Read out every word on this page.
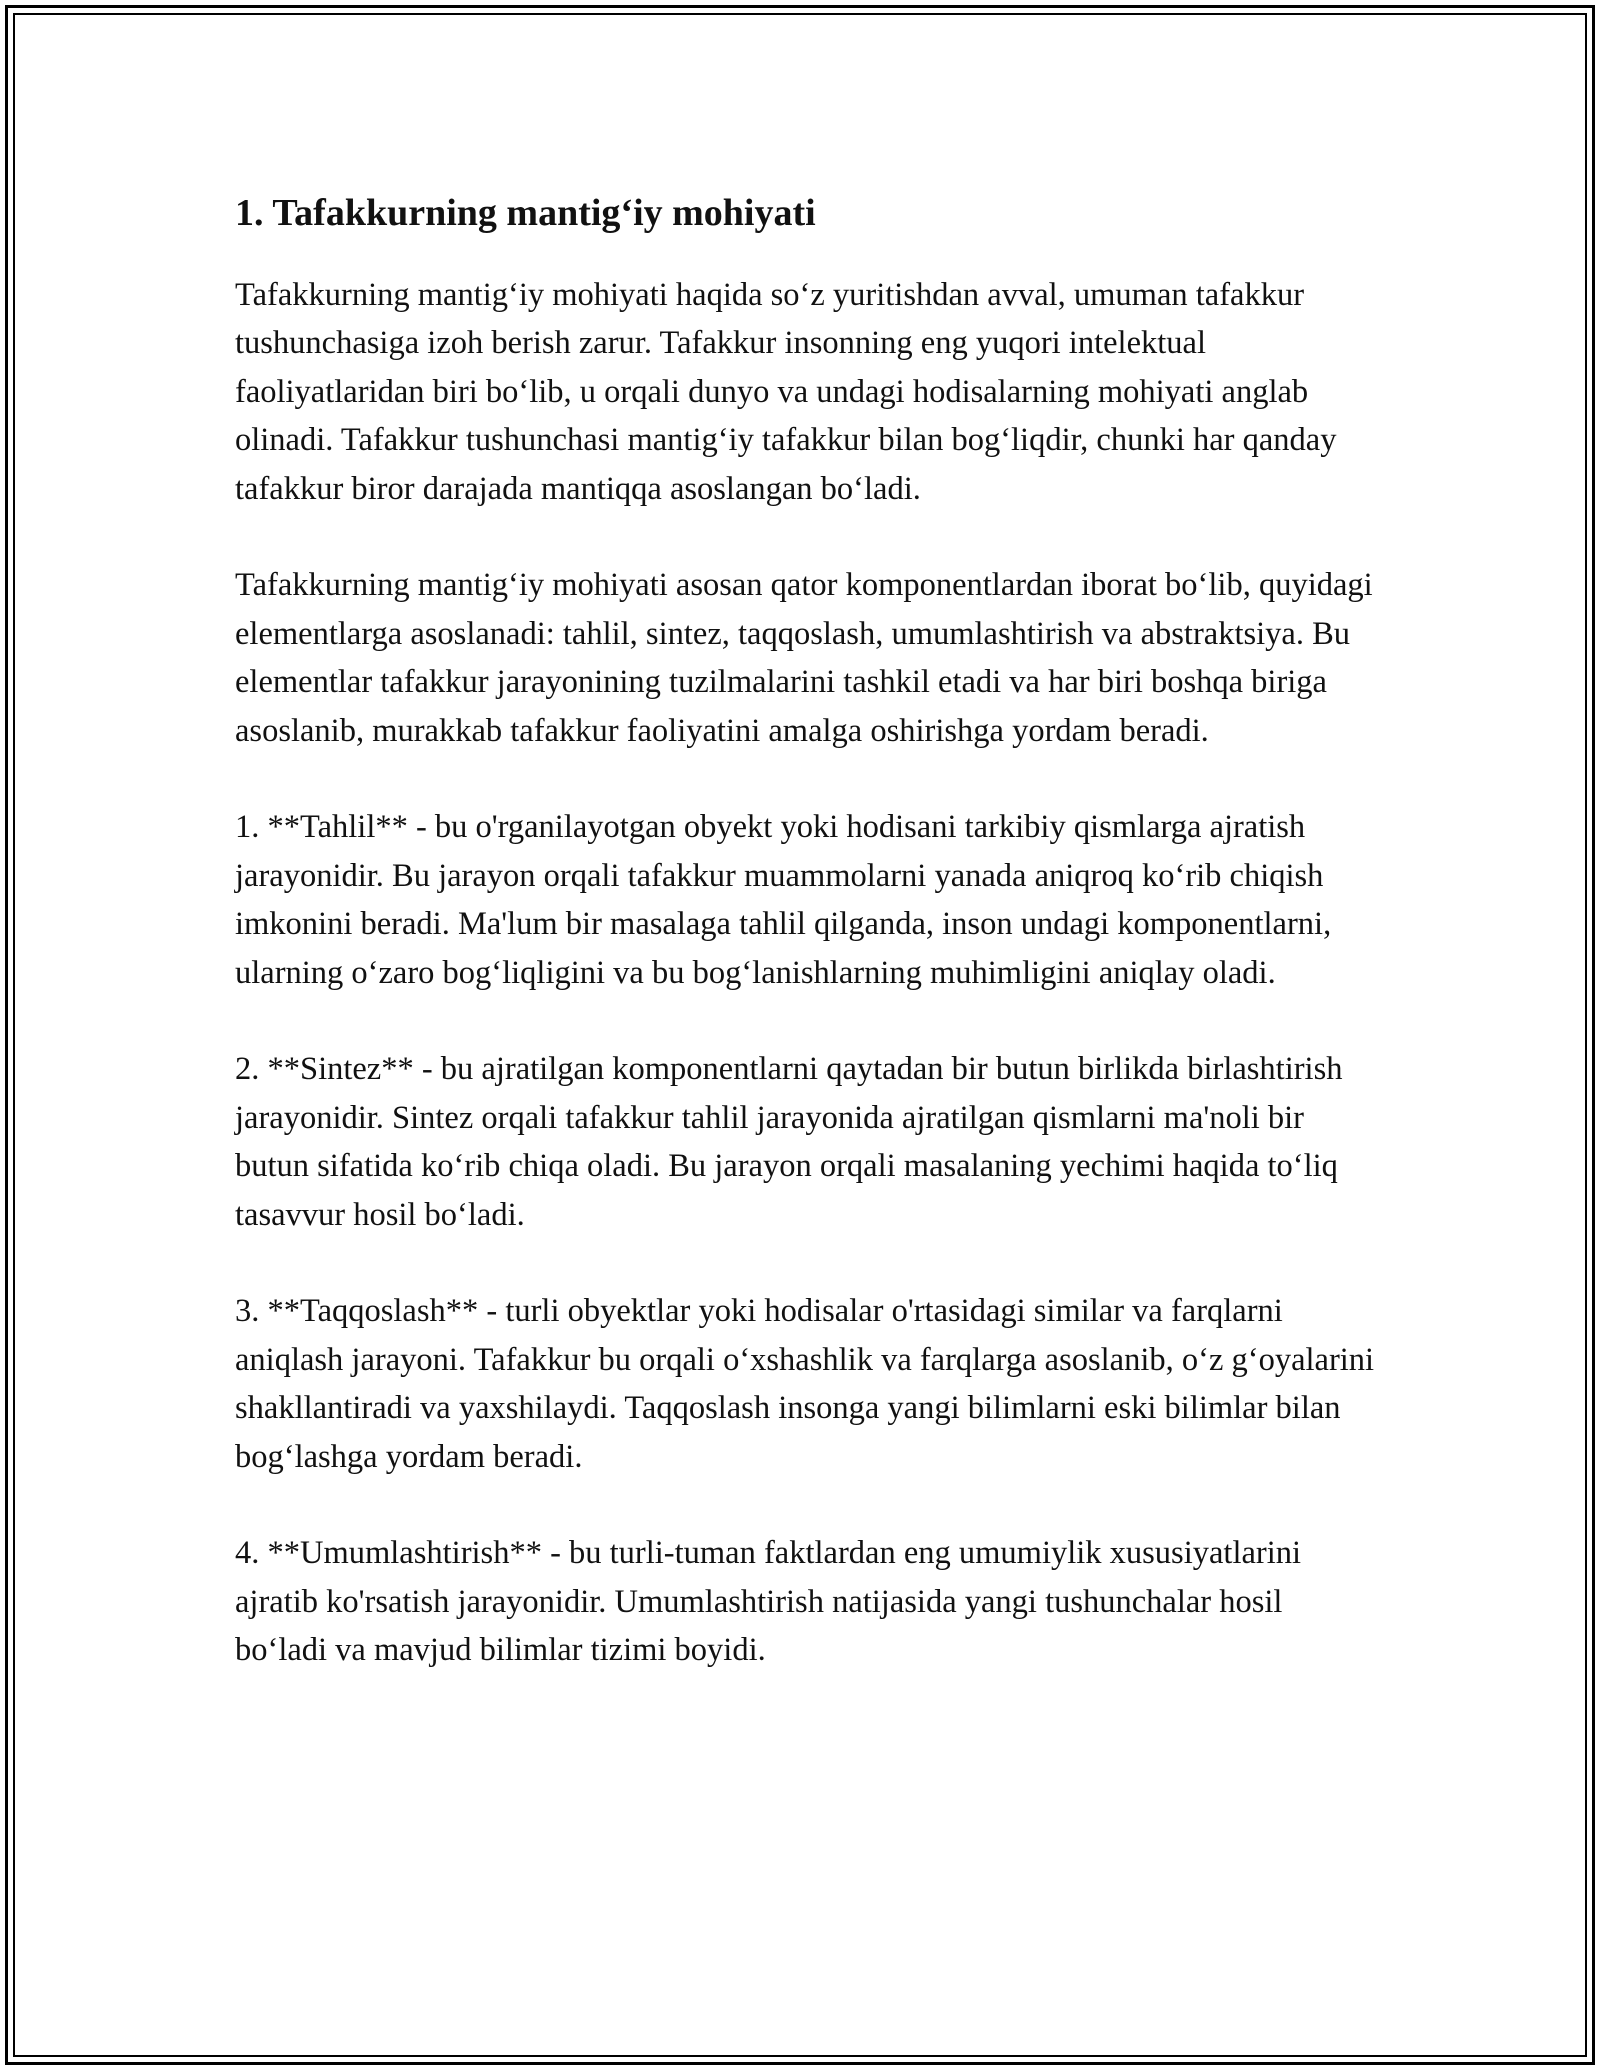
1. Tafakkurning mantig‘iy mohiyati

Tafakkurning mantig‘iy mohiyati haqida so‘z yuritishdan avval, umuman tafakkur tushunchasiga izoh berish zarur. Tafakkur insonning eng yuqori intelektual faoliyatlaridan biri bo‘lib, u orqali dunyo va undagi hodisalarning mohiyati anglab olinadi. Tafakkur tushunchasi mantig‘iy tafakkur bilan bog‘liqdir, chunki har qanday tafakkur biror darajada mantiqqa asoslangan bo‘ladi.

Tafakkurning mantig‘iy mohiyati asosan qator komponentlardan iborat bo‘lib, quyidagi elementlarga asoslanadi: tahlil, sintez, taqqoslash, umumlashtirish va abstraktsiya. Bu elementlar tafakkur jarayonining tuzilmalarini tashkil etadi va har biri boshqa biriga asoslanib, murakkab tafakkur faoliyatini amalga oshirishga yordam beradi.

1. **Tahlil** - bu o'rganilayotgan obyekt yoki hodisani tarkibiy qismlarga ajratish jarayonidir. Bu jarayon orqali tafakkur muammolarni yanada aniqroq ko‘rib chiqish imkonini beradi. Ma'lum bir masalaga tahlil qilganda, inson undagi komponentlarni, ularning o‘zaro bog‘liqligini va bu bog‘lanishlarning muhimligini aniqlay oladi.

2. **Sintez** - bu ajratilgan komponentlarni qaytadan bir butun birlikda birlashtirish jarayonidir. Sintez orqali tafakkur tahlil jarayonida ajratilgan qismlarni ma'noli bir butun sifatida ko‘rib chiqa oladi. Bu jarayon orqali masalaning yechimi haqida to‘liq tasavvur hosil bo‘ladi.

3. **Taqqoslash** - turli obyektlar yoki hodisalar o'rtasidagi similar va farqlarni aniqlash jarayoni. Tafakkur bu orqali o‘xshashlik va farqlarga asoslanib, o‘z g‘oyalarini shakllantiradi va yaxshilaydi. Taqqoslash insonga yangi bilimlarni eski bilimlar bilan bog‘lashga yordam beradi.

4. **Umumlashtirish** - bu turli-tuman faktlardan eng umumiylik xususiyatlarini ajratib ko'rsatish jarayonidir. Umumlashtirish natijasida yangi tushunchalar hosil bo‘ladi va mavjud bilimlar tizimi boyidi.
